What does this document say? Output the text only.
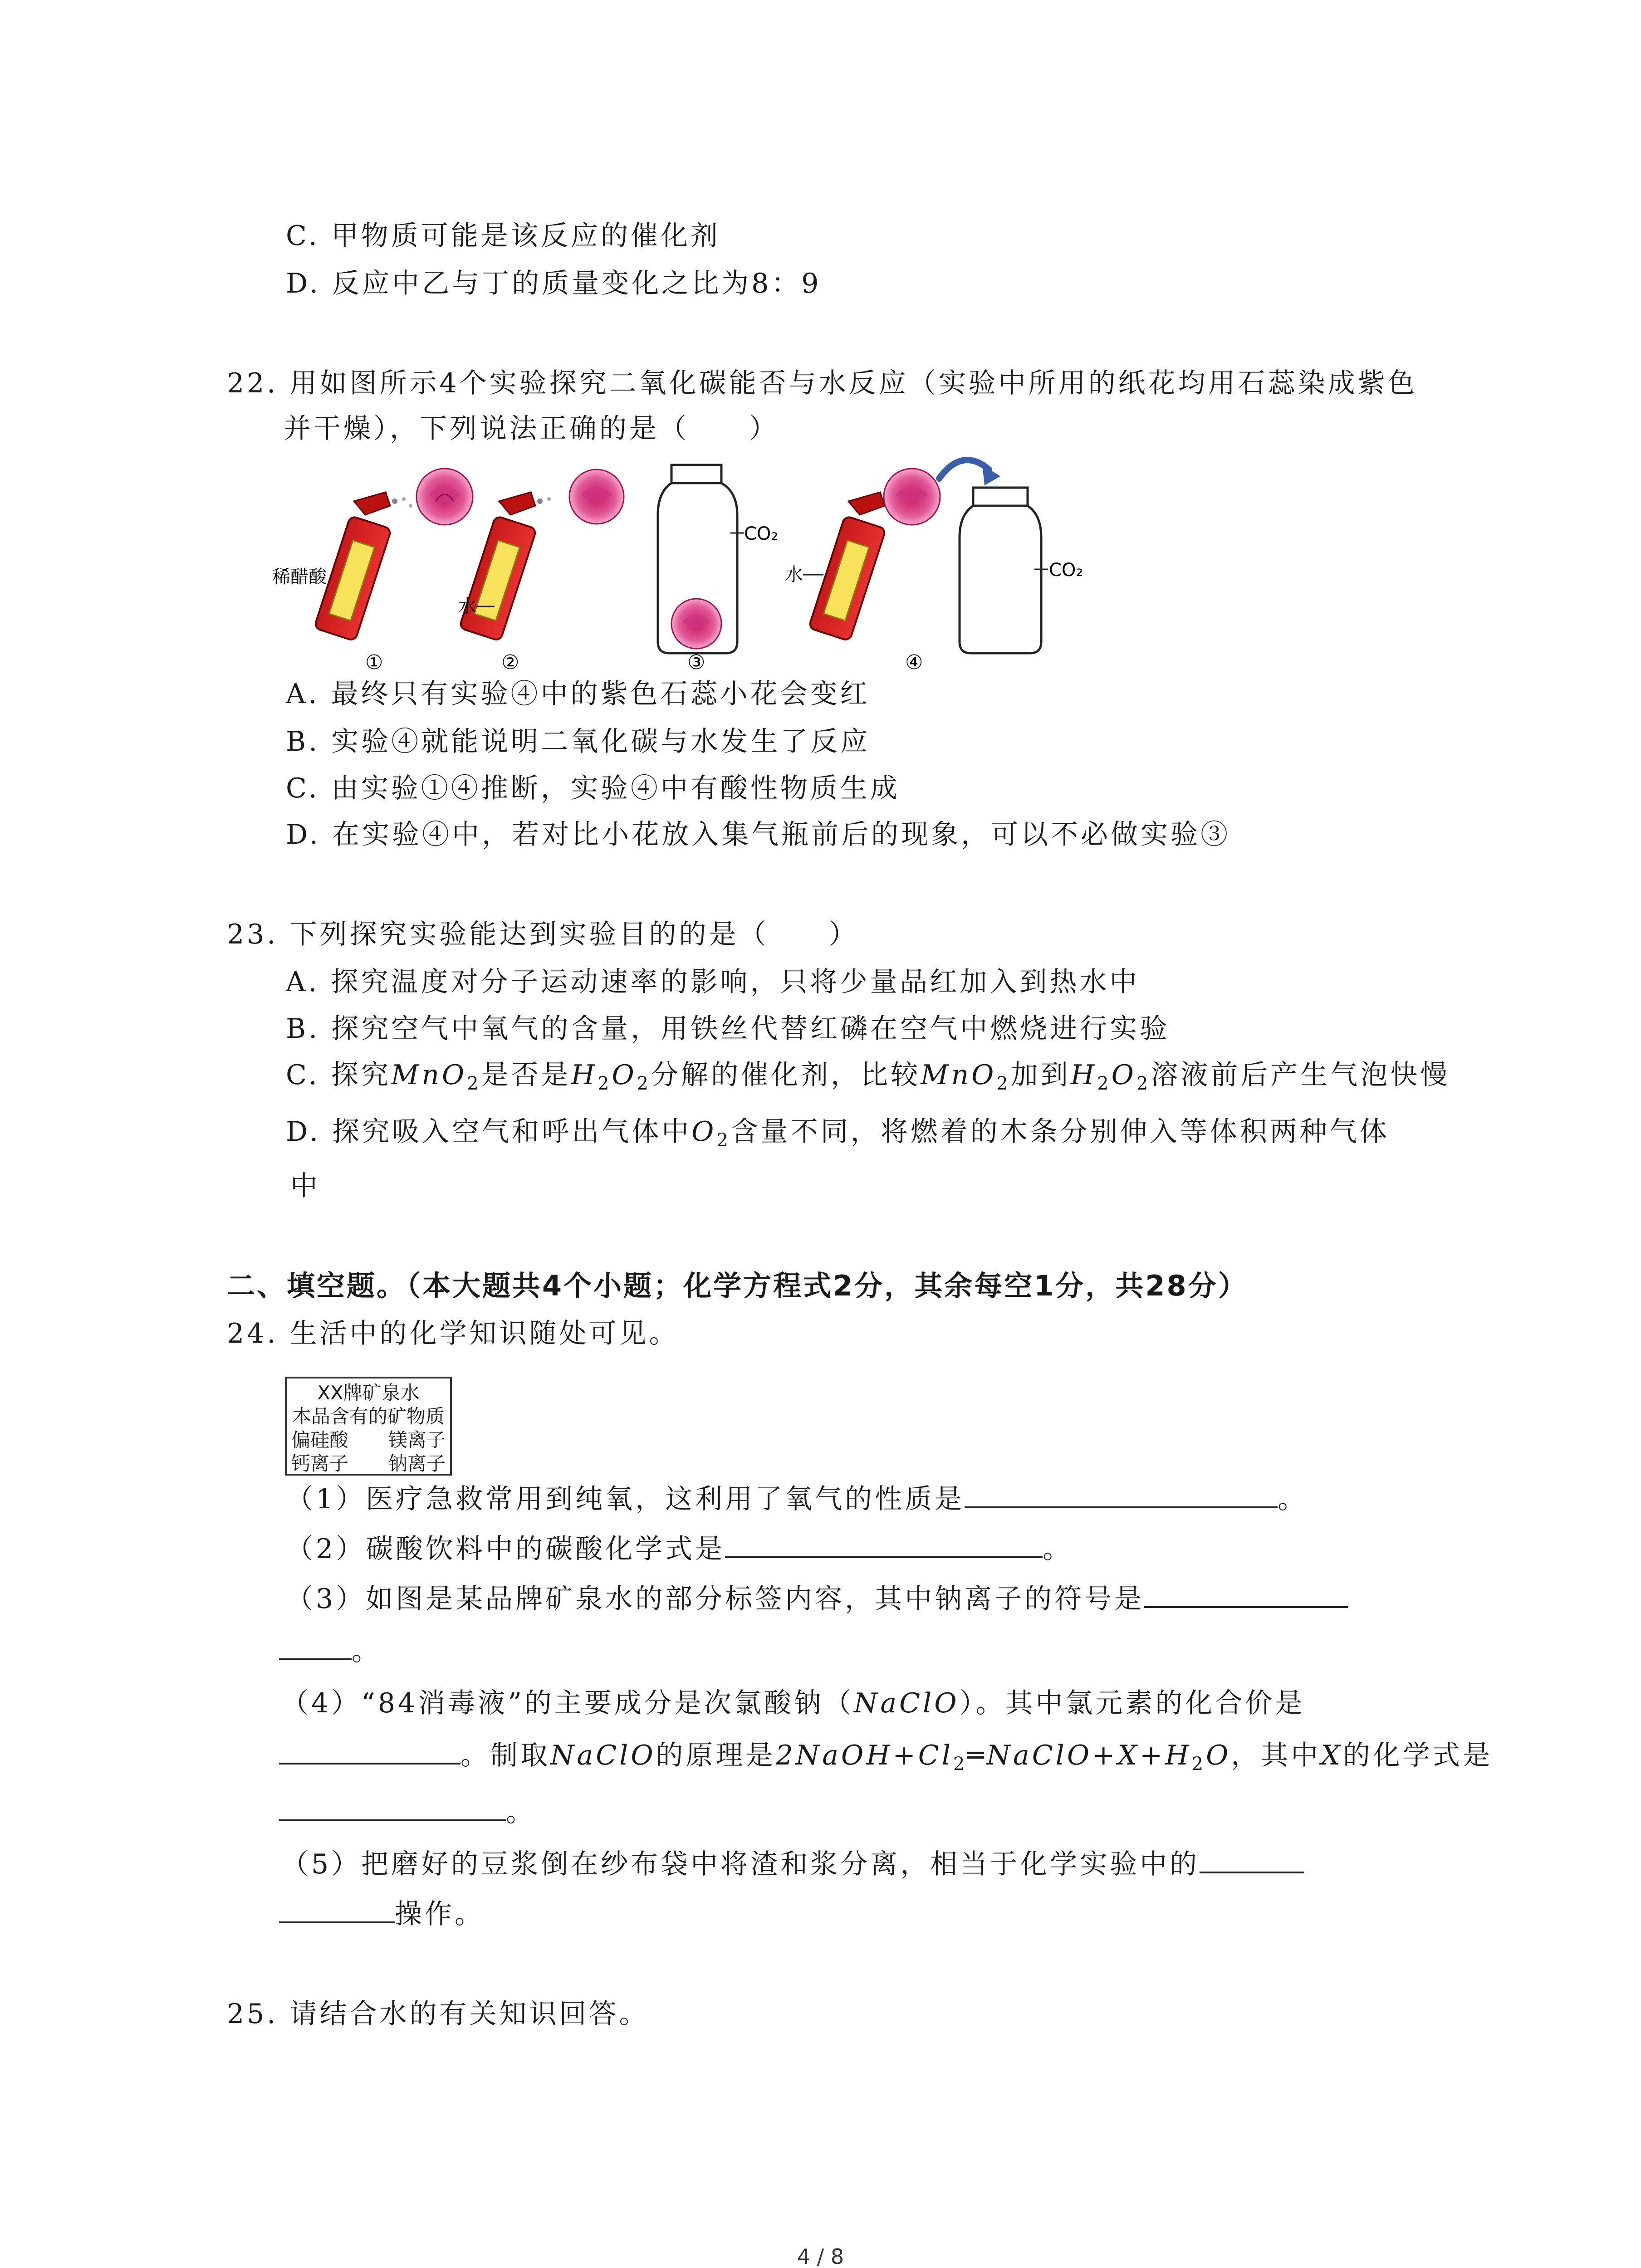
C. 甲物质可能是该反应的催化剂
D. 反应中乙与丁的质量变化之比为8：9
22. 用如图所示4个实验探究二氧化碳能否与水反应（实验中所用的纸花均用石蕊染成紫色
并干燥），下列说法正确的是（　　）
稀醋酸
水
CO₂
水	CO₂
①	②	③	④
A. 最终只有实验④中的紫色石蕊小花会变红
B. 实验④就能说明二氧化碳与水发生了反应
C. 由实验①④推断，实验④中有酸性物质生成
D. 在实验④中，若对比小花放入集气瓶前后的现象，可以不必做实验③
23. 下列探究实验能达到实验目的的是（　　）
A. 探究温度对分子运动速率的影响，只将少量品红加入到热水中
B. 探究空气中氧气的含量，用铁丝代替红磷在空气中燃烧进行实验
C. 探究MnO$_2$是否是$H_2O_2$分解的催化剂，比较MnO$_2$加到$H_2O_2$溶液前后产生气泡快慢
D. 探究吸入空气和呼出气体中$O_2$含量不同，将燃着的木条分别伸入等体积两种气体
中
二、填空题。（本大题共4个小题；化学方程式2分，其余每空1分，共28分）
24. 生活中的化学知识随处可见。
XX牌矿泉水
本品含有的矿物质
偏硅酸 镁离子
钙离子 钠离子
（1）医疗急救常用到纯氧，这利用了氧气的性质是	。
（2）碳酸饮料中的碳酸化学式是	。
（3）如图是某品牌矿泉水的部分标签内容，其中钠离子的符号是
。
（4）“84消毒液”的主要成分是次氯酸钠（NaClO）。其中氯元素的化合价是
。制取NaClO的原理是$2NaOH+Cl_2═NaClO+X+H_2O$，其中X的化学式是
。
（5）把磨好的豆浆倒在纱布袋中将渣和浆分离，相当于化学实验中的
操作。
25. 请结合水的有关知识回答。
4 / 8
